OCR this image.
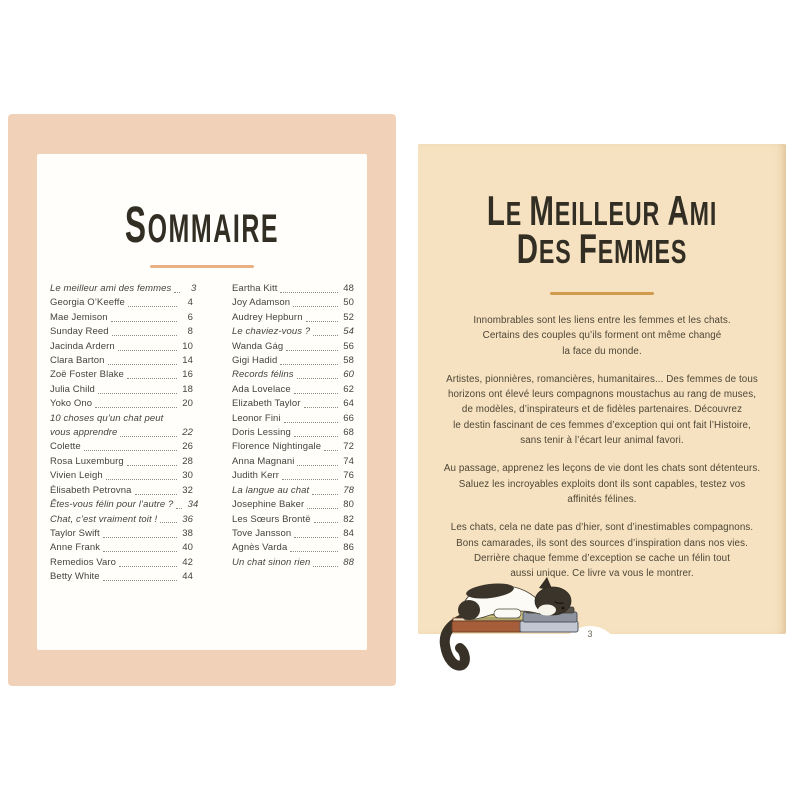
SOMMAIRE
Le meilleur ami des femmes	3
Georgia O’Keeffe	4
Mae Jemison	6
Sunday Reed	8
Jacinda Ardern	10
Clara Barton	14
Zoë Foster Blake	16
Julia Child	18
Yoko Ono	20
10 choses qu’un chat peut
vous apprendre	22
Colette	26
Rosa Luxemburg	28
Vivien Leigh	30
Élisabeth Petrovna	32
Êtes-vous félin pour l’autre ? 34
Chat, c’est vraiment toit !	36
Taylor Swift	38
Anne Frank	40
Remedios Varo	42
Betty White	44
Eartha Kitt	48
Joy Adamson	50
Audrey Hepburn	52
Le chaviez-vous ?	54
Wanda Gág	56
Gigi Hadid	58
Records félins	60
Ada Lovelace	62
Elizabeth Taylor	64
Leonor Fini	66
Doris Lessing	68
Florence Nightingale 72
Anna Magnani	74
Judith Kerr	76
La langue au chat	78
Josephine Baker	80
Les Sœurs Brontë	82
Tove Jansson	84
Agnès Varda	86
Un chat sinon rien	88
LE MEILLEUR AMI
DES FEMMES

Innombrables sont les liens entre les femmes et les chats.
Certains des couples qu’ils forment ont même changé
la face du monde.

Artistes, pionnières, romancières, humanitaires... Des femmes de tous
horizons ont élevé leurs compagnons moustachus au rang de muses,
de modèles, d’inspirateurs et de fidèles partenaires. Découvrez
le destin fascinant de ces femmes d’exception qui ont fait l’Histoire,
sans tenir à l’écart leur animal favori.

Au passage, apprenez les leçons de vie dont les chats sont détenteurs.
Saluez les incroyables exploits dont ils sont capables, testez vos
affinités félines.

Les chats, cela ne date pas d’hier, sont d’inestimables compagnons.
Bons camarades, ils sont des sources d’inspiration dans nos vies.
Derrière chaque femme d’exception se cache un félin tout
aussi unique. Ce livre va vous le montrer.

3
